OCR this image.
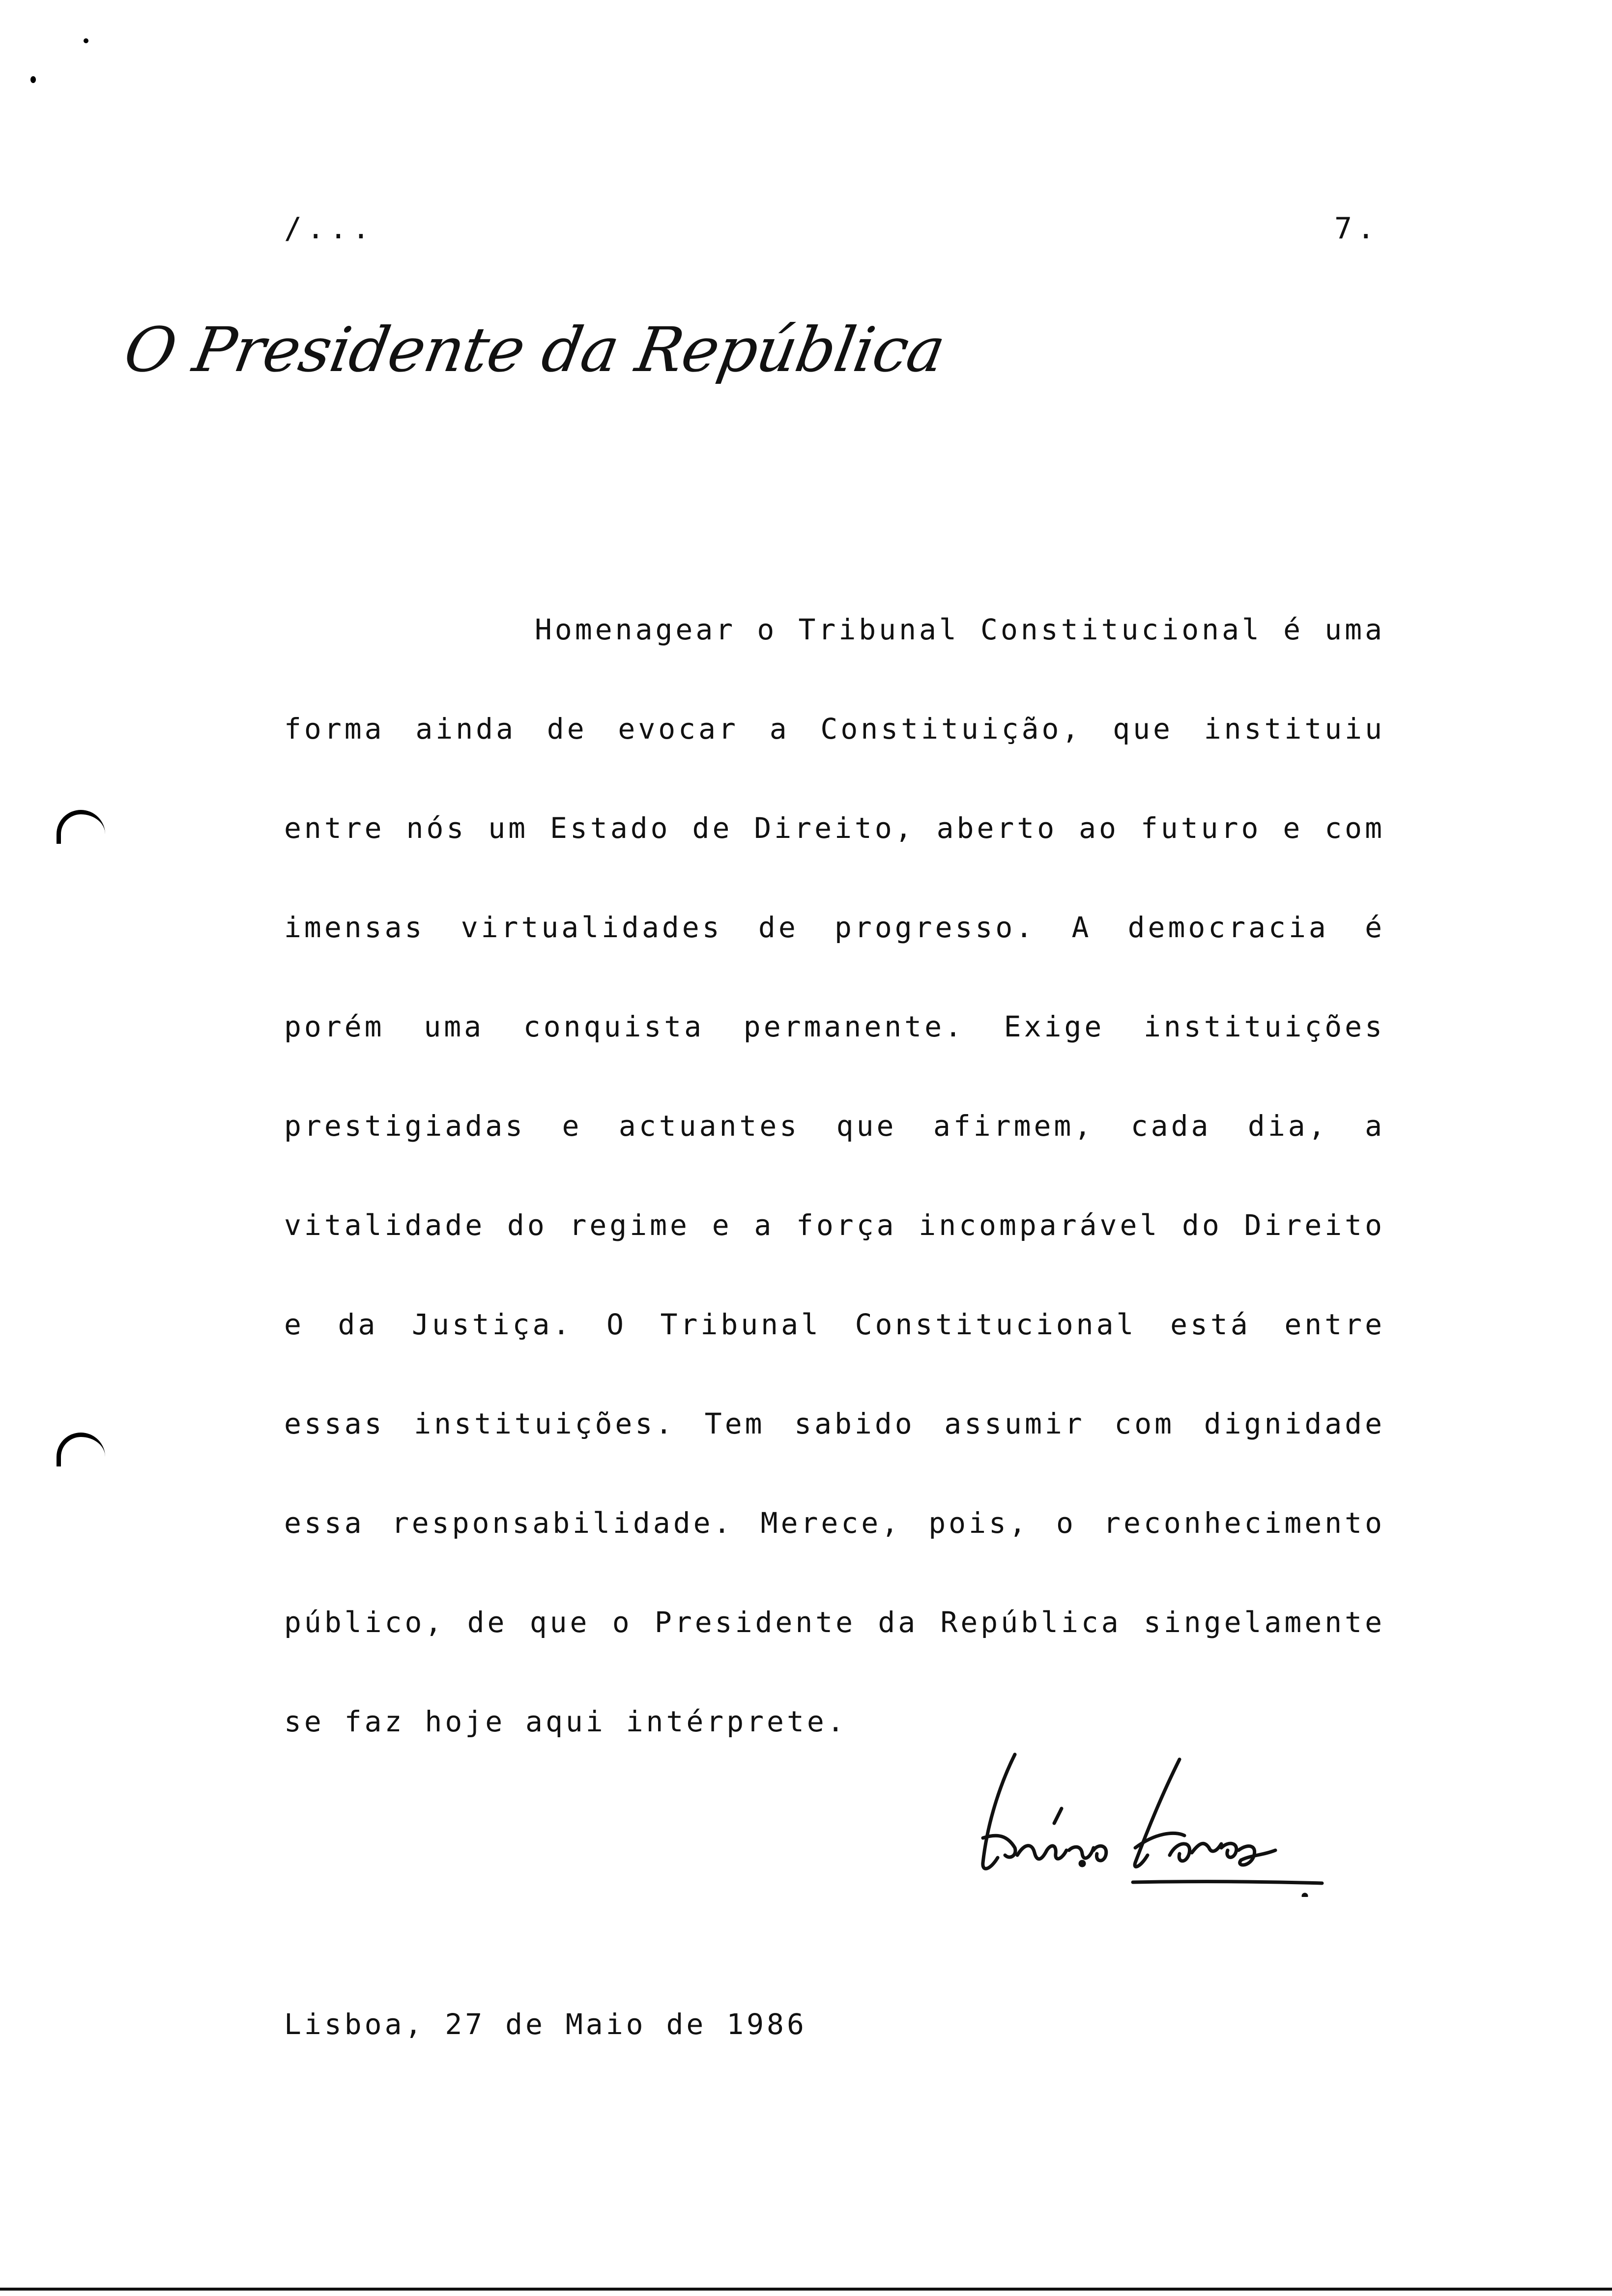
/...	7.
O Presidente da República

Homenagear o Tribunal Constitucional é uma forma ainda de evocar a Constituição, que instituiu entre nós um Estado de Direito, aberto ao futuro e com imensas virtualidades de progresso. A democracia é porém uma conquista permanente. Exige instituições prestigiadas e actuantes que afirmem, cada dia, a vitalidade do regime e a força incomparável do Direito e da Justiça. O Tribunal Constitucional está entre essas instituições. Tem sabido assumir com dignidade essa responsabilidade. Merece, pois, o reconhecimento público, de que o Presidente da República singelamente se faz hoje aqui intérprete.

Lisboa, 27 de Maio de 1986
